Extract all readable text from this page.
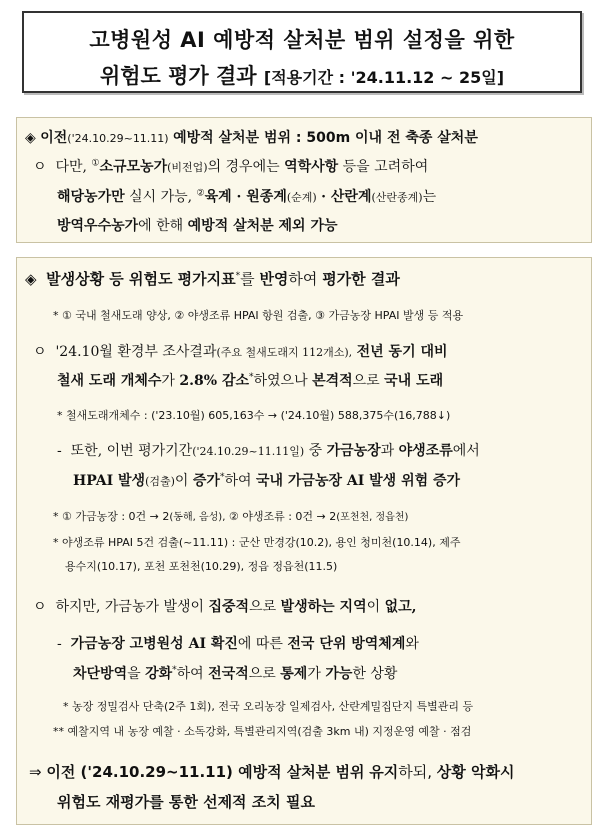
고병원성 AI 예방적 살처분 범위 설정을 위한
위험도 평가 결과 [적용기간 : '24.11.12 ~ 25일]
◈ 이전('24.10.29~11.11) 예방적 살처분 범위 : 500m 이내 전 축종 살처분
ㅇ 다만, ①소규모농가(비전업)의 경우에는 역학사항 등을 고려하여
해당농가만 실시 가능, ②육계 · 원종계(순계) · 산란계(산란종계)는
방역우수농가에 한해 예방적 살처분 제외 가능
◈ 발생상황 등 위험도 평가지표*를 반영하여 평가한 결과
* ① 국내 철새도래 양상, ② 야생조류 HPAI 항원 검출, ③ 가금농장 HPAI 발생 등 적용
ㅇ '24.10월 환경부 조사결과(주요 철새도래지 112개소), 전년 동기 대비
철새 도래 개체수가 2.8% 감소*하였으나 본격적으로 국내 도래
* 철새도래개체수 : ('23.10월) 605,163수 → ('24.10월) 588,375수(16,788↓)
- 또한, 이번 평가기간('24.10.29~11.11일) 중 가금농장과 야생조류에서
HPAI 발생(검출)이 증가*하여 국내 가금농장 AI 발생 위험 증가
* ① 가금농장 : 0건 → 2(동해, 음성), ② 야생조류 : 0건 → 2(포천천, 정읍천)
* 야생조류 HPAI 5건 검출(~11.11) : 군산 만경강(10.2), 용인 청미천(10.14), 제주
용수지(10.17), 포천 포천천(10.29), 정읍 정읍천(11.5)
ㅇ 하지만, 가금농가 발생이 집중적으로 발생하는 지역이 없고,
- 가금농장 고병원성 AI 확진에 따른 전국 단위 방역체계와
차단방역을 강화*하여 전국적으로 통제가 가능한 상황
* 농장 정밀검사 단축(2주 1회), 전국 오리농장 일제검사, 산란계밀집단지 특별관리 등
** 예찰지역 내 농장 예찰 · 소독강화, 특별관리지역(검출 3km 내) 지정운영 예찰 · 점검
⇒ 이전 ('24.10.29~11.11) 예방적 살처분 범위 유지하되, 상황 악화시
위험도 재평가를 통한 선제적 조치 필요
